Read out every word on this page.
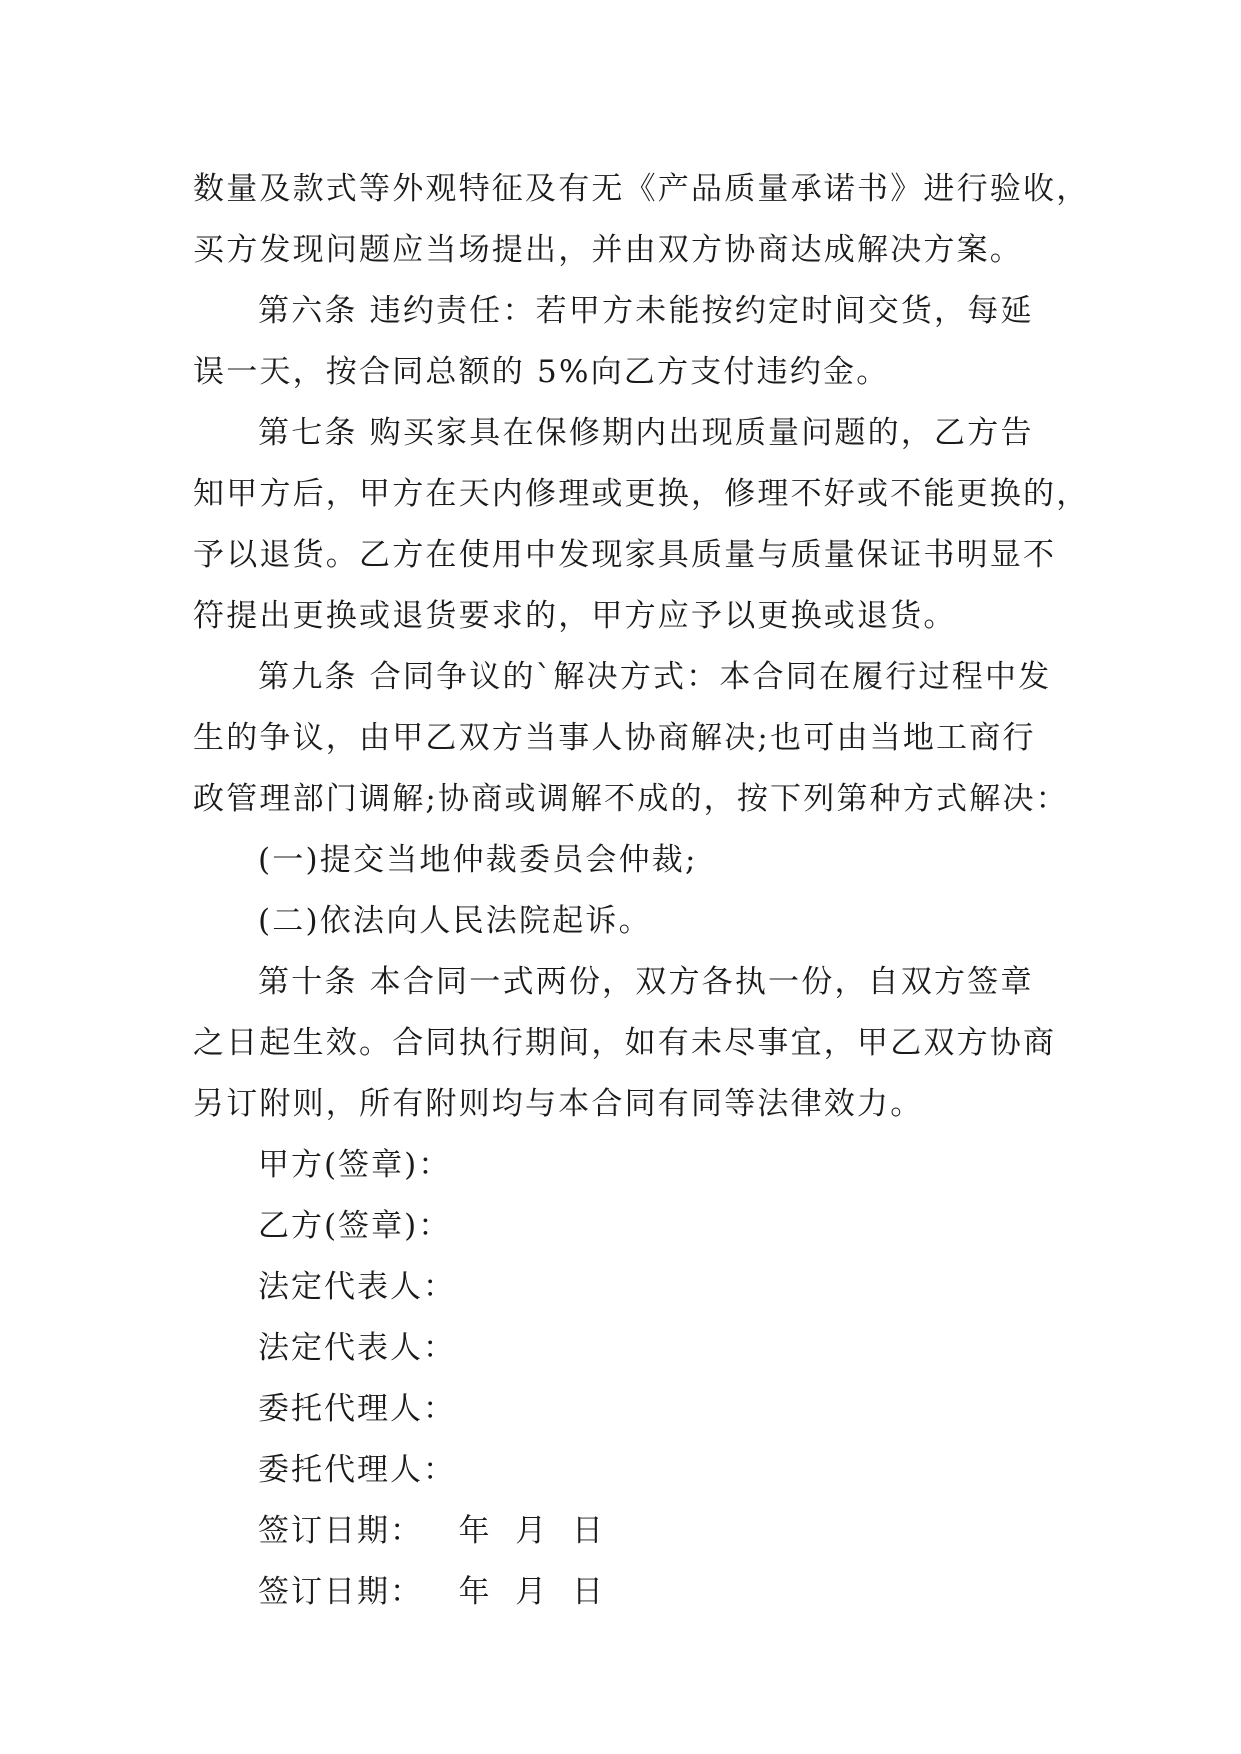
数量及款式等外观特征及有无《产品质量承诺书》进行验收，
买方发现问题应当场提出，并由双方协商达成解决方案。
第六条 违约责任：若甲方未能按约定时间交货，每延
误一天，按合同总额的 5%向乙方支付违约金。
第七条 购买家具在保修期内出现质量问题的，乙方告
知甲方后，甲方在天内修理或更换，修理不好或不能更换的，
予以退货。乙方在使用中发现家具质量与质量保证书明显不
符提出更换或退货要求的，甲方应予以更换或退货。
第九条 合同争议的`解决方式：本合同在履行过程中发
生的争议，由甲乙双方当事人协商解决;也可由当地工商行
政管理部门调解;协商或调解不成的，按下列第种方式解决：
(一)提交当地仲裁委员会仲裁;
(二)依法向人民法院起诉。
第十条 本合同一式两份，双方各执一份，自双方签章
之日起生效。合同执行期间，如有未尽事宜，甲乙双方协商
另订附则，所有附则均与本合同有同等法律效力。
甲方(签章)：
乙方(签章)：
法定代表人：
法定代表人：
委托代理人：
委托代理人：
签订日期：   年  月  日
签订日期：   年  月  日
